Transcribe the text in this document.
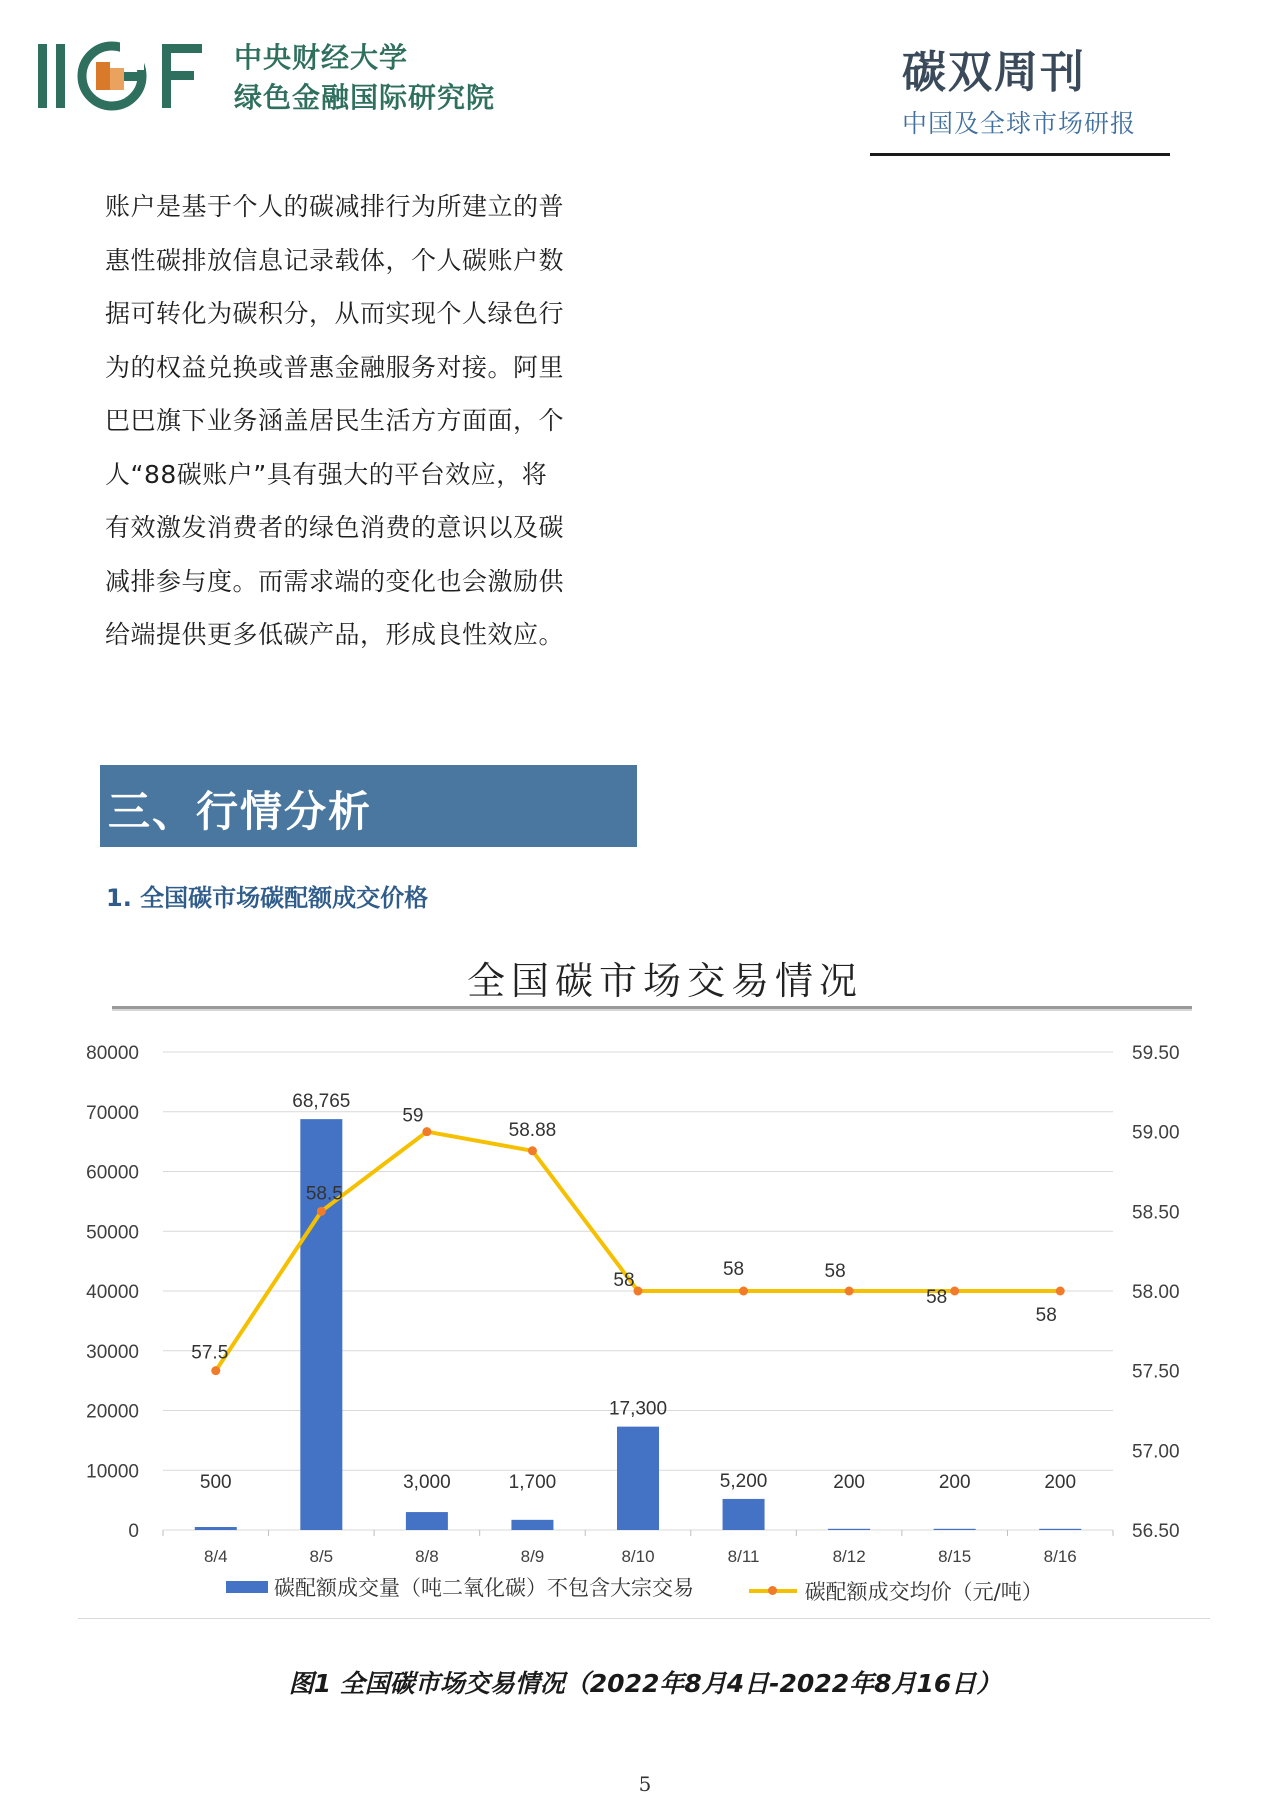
中央财经大学
绿色金融国际研究院	碳双周刊
中国及全球市场研报
账户是基于个人的碳减排行为所建立的普
惠性碳排放信息记录载体，个人碳账户数
据可转化为碳积分，从而实现个人绿色行
为的权益兑换或普惠金融服务对接。阿里
巴巴旗下业务涵盖居民生活方方面面，个
人“88碳账户”具有强大的平台效应，将
有效激发消费者的绿色消费的意识以及碳
减排参与度。而需求端的变化也会激励供
给端提供更多低碳产品，形成良性效应。
三、行情分析
1. 全国碳市场碳配额成交价格
全国碳市场交易情况
0
10000
20000
30000
40000
50000
60000
70000
80000
56.50
57.00
57.50
58.00
58.50
59.00
59.50
8/4	8/5	8/8	8/9	8/10	8/11	8/12	8/15	8/16
500
68,765
3,000	1,700
17,300
5,200	200	200	200
57.5
58.5
59
58.88
58
58	58
58
58
碳配额成交量（吨二氧化碳）不包含大宗交易
	碳配额成交均价（元/吨）
图1 全国碳市场交易情况（2022年8月4日-2022年8月16日）
5
